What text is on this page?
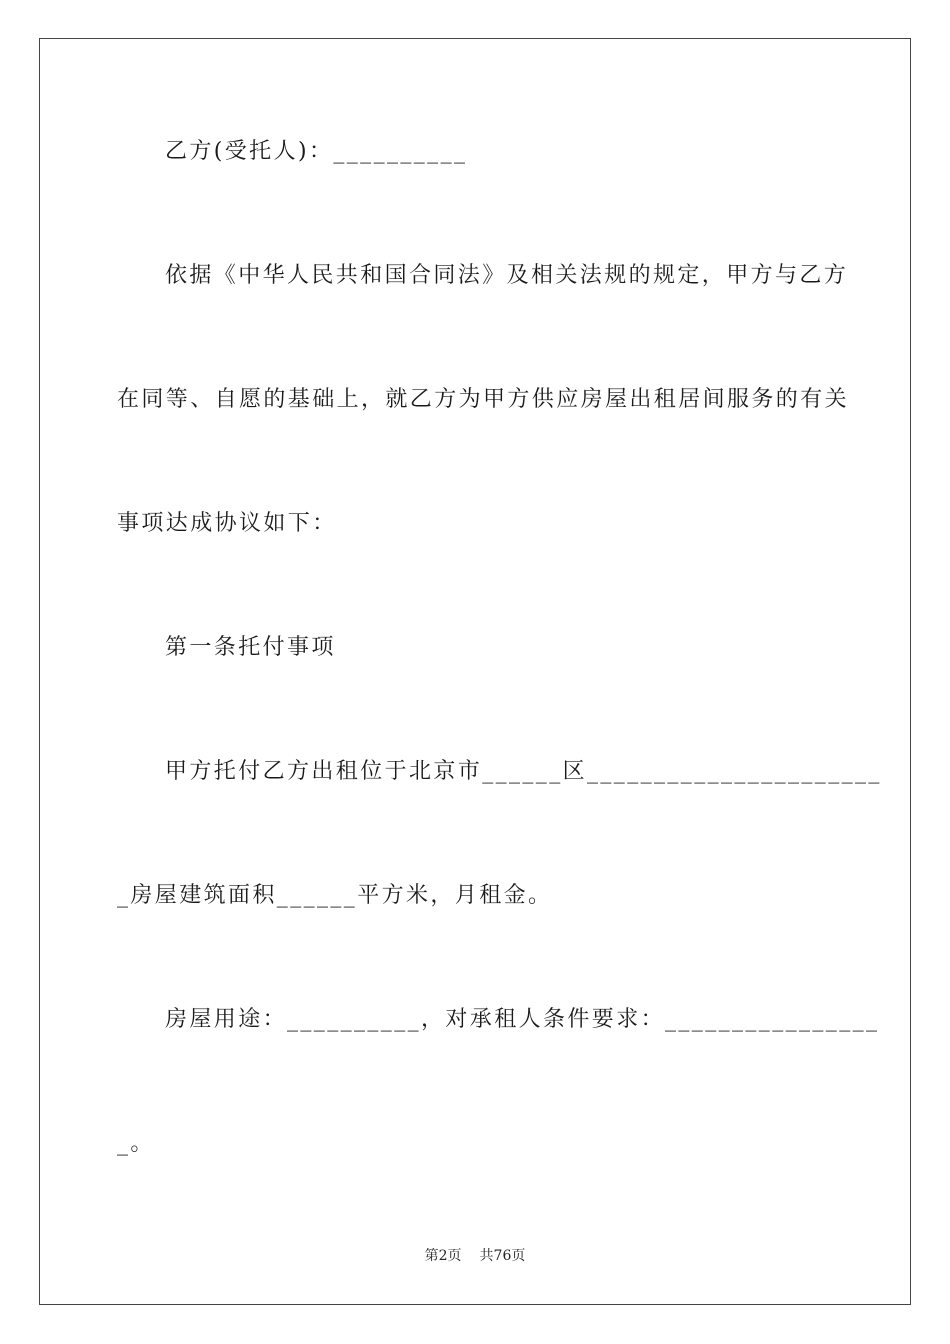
乙方(受托人)：__________
依据《中华人民共和国合同法》及相关法规的规定，甲方与乙方
在同等、自愿的基础上，就乙方为甲方供应房屋出租居间服务的有关
事项达成协议如下：
第一条托付事项
甲方托付乙方出租位于北京市______区______________________
_房屋建筑面积______平方米，月租金。
房屋用途：__________，对承租人条件要求：________________
_。
第2页 共76页
